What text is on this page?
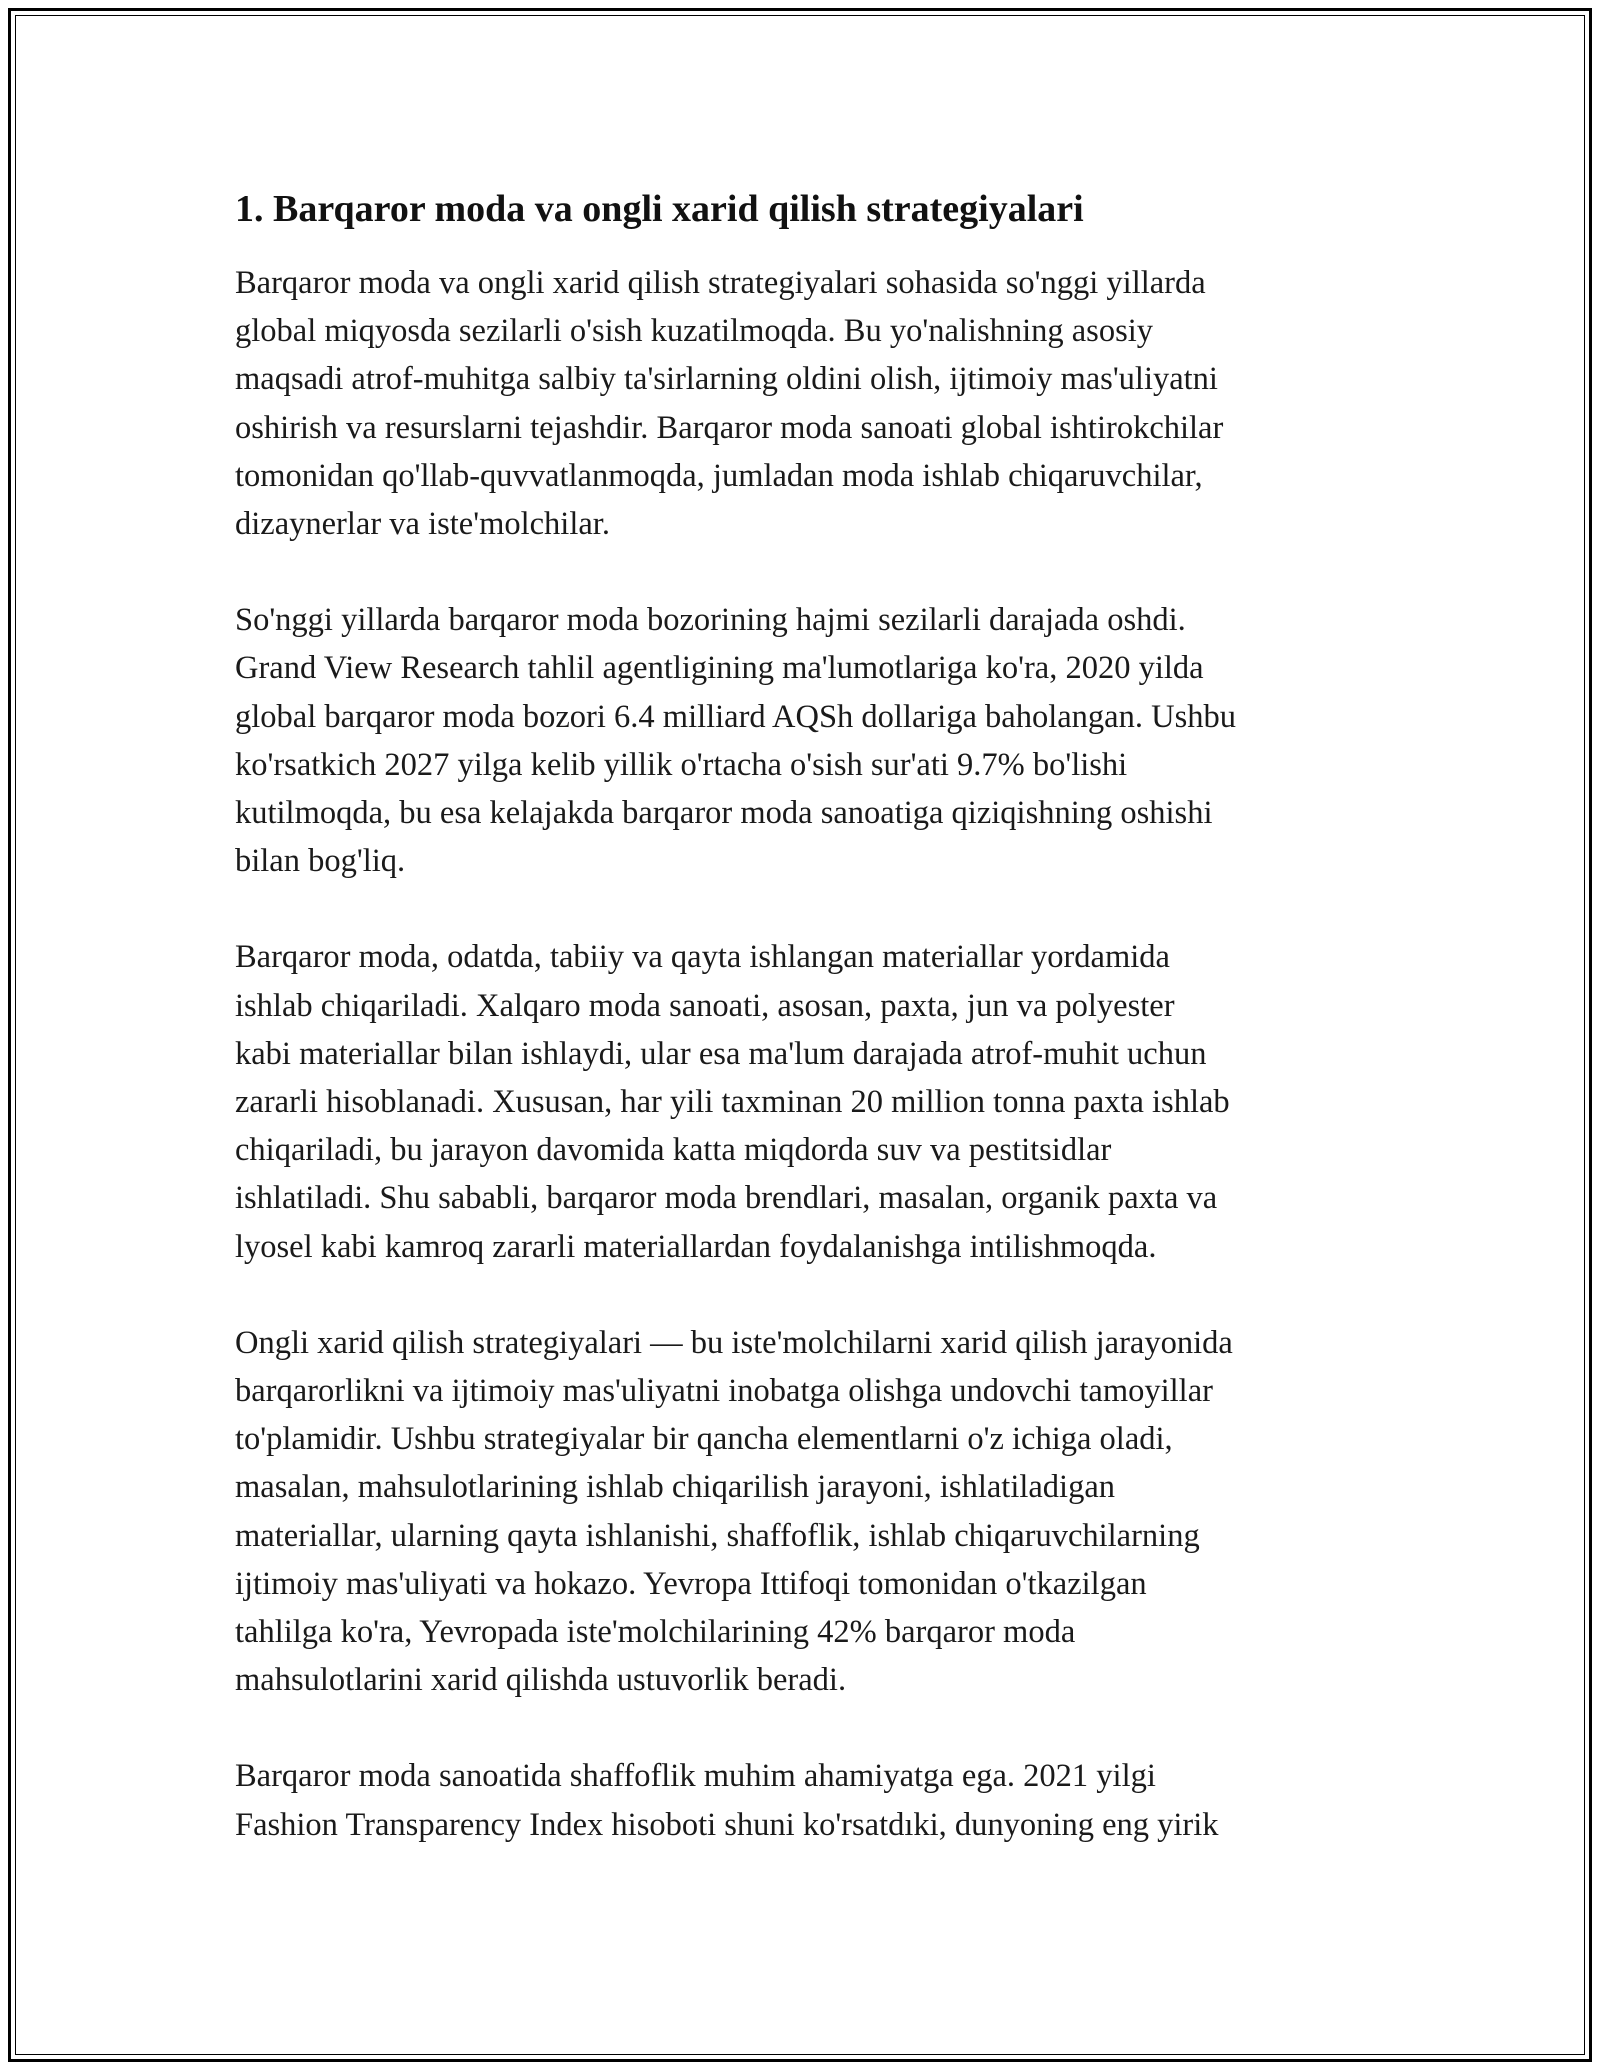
1. Barqaror moda va ongli xarid qilish strategiyalari

Barqaror moda va ongli xarid qilish strategiyalari sohasida so'nggi yillarda
global miqyosda sezilarli o'sish kuzatilmoqda. Bu yo'nalishning asosiy
maqsadi atrof-muhitga salbiy ta'sirlarning oldini olish, ijtimoiy mas'uliyatni
oshirish va resurslarni tejashdir. Barqaror moda sanoati global ishtirokchilar
tomonidan qo'llab-quvvatlanmoqda, jumladan moda ishlab chiqaruvchilar,
dizaynerlar va iste'molchilar.

So'nggi yillarda barqaror moda bozorining hajmi sezilarli darajada oshdi.
Grand View Research tahlil agentligining ma'lumotlariga ko'ra, 2020 yilda
global barqaror moda bozori 6.4 milliard AQSh dollariga baholangan. Ushbu
ko'rsatkich 2027 yilga kelib yillik o'rtacha o'sish sur'ati 9.7% bo'lishi
kutilmoqda, bu esa kelajakda barqaror moda sanoatiga qiziqishning oshishi
bilan bog'liq.

Barqaror moda, odatda, tabiiy va qayta ishlangan materiallar yordamida
ishlab chiqariladi. Xalqaro moda sanoati, asosan, paxta, jun va polyester
kabi materiallar bilan ishlaydi, ular esa ma'lum darajada atrof-muhit uchun
zararli hisoblanadi. Xususan, har yili taxminan 20 million tonna paxta ishlab
chiqariladi, bu jarayon davomida katta miqdorda suv va pestitsidlar
ishlatiladi. Shu sababli, barqaror moda brendlari, masalan, organik paxta va
lyosel kabi kamroq zararli materiallardan foydalanishga intilishmoqda.

Ongli xarid qilish strategiyalari — bu iste'molchilarni xarid qilish jarayonida
barqarorlikni va ijtimoiy mas'uliyatni inobatga olishga undovchi tamoyillar
to'plamidir. Ushbu strategiyalar bir qancha elementlarni o'z ichiga oladi,
masalan, mahsulotlarining ishlab chiqarilish jarayoni, ishlatiladigan
materiallar, ularning qayta ishlanishi, shaffoflik, ishlab chiqaruvchilarning
ijtimoiy mas'uliyati va hokazo. Yevropa Ittifoqi tomonidan o'tkazilgan
tahlilga ko'ra, Yevropada iste'molchilarining 42% barqaror moda
mahsulotlarini xarid qilishda ustuvorlik beradi.

Barqaror moda sanoatida shaffoflik muhim ahamiyatga ega. 2021 yilgi
Fashion Transparency Index hisoboti shuni ko'rsatdıki, dunyoning eng yirik
